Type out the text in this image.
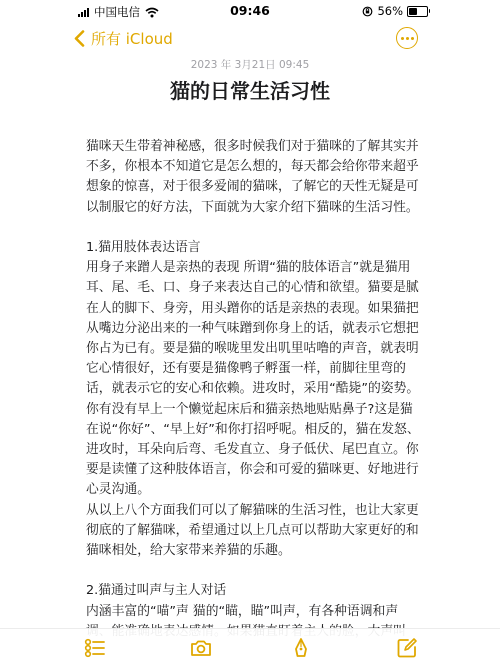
中国电信	09:46	56%
所有 iCloud
2023 年 3月21日 09:45
猫的日常生活习性

猫咪天生带着神秘感，很多时候我们对于猫咪的了解其实并不多，你根本不知道它是怎么想的，每天都会给你带来超乎想象的惊喜，对于很多爱闹的猫咪，了解它的天性无疑是可以制服它的好方法，下面就为大家介绍下猫咪的生活习性。

1.猫用肢体表达语言

用身子来蹭人是亲热的表现 所谓“猫的肢体语言”就是猫用耳、尾、毛、口、身子来表达自己的心情和欲望。猫要是腻在人的脚下、身旁，用头蹭你的话是亲热的表现。如果猫把从嘴边分泌出来的一种气味蹭到你身上的话，就表示它想把你占为已有。要是猫的喉咙里发出叽里咕噜的声音，就表明它心情很好，还有要是猫像鸭子孵蛋一样，前脚往里弯的话，就表示它的安心和依赖。进攻时，采用“酷毙”的姿势。你有没有早上一个懒觉起床后和猫亲热地贴贴鼻子?这是猫在说“你好”、“早上好”和你打招呼呢。相反的，猫在发怒、进攻时，耳朵向后弯、毛发直立、身子低伏、尾巴直立。你要是读懂了这种肢体语言，你会和可爱的猫咪更、好地进行心灵沟通。

从以上八个方面我们可以了解猫咪的生活习性，也让大家更彻底的了解猫咪，希望通过以上几点可以帮助大家更好的和猫咪相处，给大家带来养猫的乐趣。

2.猫通过叫声与主人对话

内涵丰富的“喵”声 猫的“瞄，瞄”叫声，有各种语调和声
